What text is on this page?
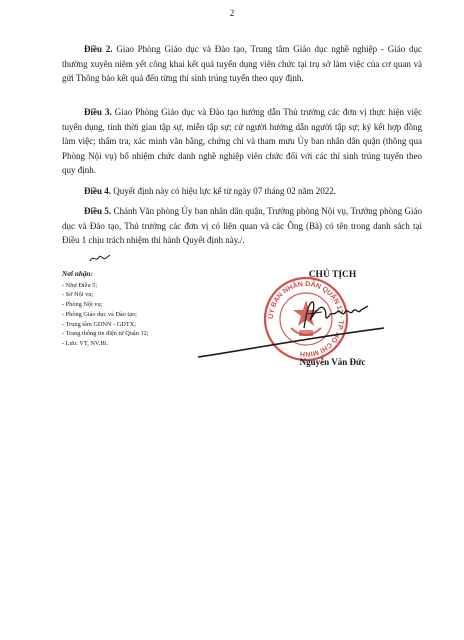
2

Điều 2. Giao Phòng Giáo dục và Đào tạo, Trung tâm Giáo dục nghề nghiệp - Giáo dục thường xuyên niêm yết công khai kết quả tuyển dụng viên chức tại trụ sở làm việc của cơ quan và gửi Thông báo kết quả đến từng thí sinh trúng tuyển theo quy định.

Điều 3. Giao Phòng Giáo dục và Đào tạo hướng dẫn Thủ trưởng các đơn vị thực hiện việc tuyển dụng, tính thời gian tập sự, miễn tập sự; cử người hướng dẫn người tập sự; ký kết hợp đồng làm việc; thẩm tra, xác minh văn bằng, chứng chỉ và tham mưu Ủy ban nhân dân quận (thông qua Phòng Nội vụ) bổ nhiệm chức danh nghề nghiệp viên chức đối với các thí sinh trúng tuyển theo quy định.

Điều 4. Quyết định này có hiệu lực kể từ ngày 07 tháng 02 năm 2022.

Điều 5. Chánh Văn phòng Ủy ban nhân dân quận, Trưởng phòng Nội vụ, Trưởng phòng Giáo dục và Đào tạo, Thủ trưởng các đơn vị có liên quan và các Ông (Bà) có tên trong danh sách tại Điều 1 chịu trách nhiệm thi hành Quyết định này./.

Nơi nhận:
- Như Điều 5;
- Sở Nội vụ;
- Phòng Nội vụ;
- Phòng Giáo dục và Đào tạo;
- Trung tâm GDNN - GDTX;
- Trang thông tin điện tử Quận 12;
- Lưu: VT, NV.Hi.
ỦY BAN NHÂN DÂN QUẬN 12 · TP. HỒ CHÍ MINH
CHỦ TỊCH
Nguyễn Văn Đức
